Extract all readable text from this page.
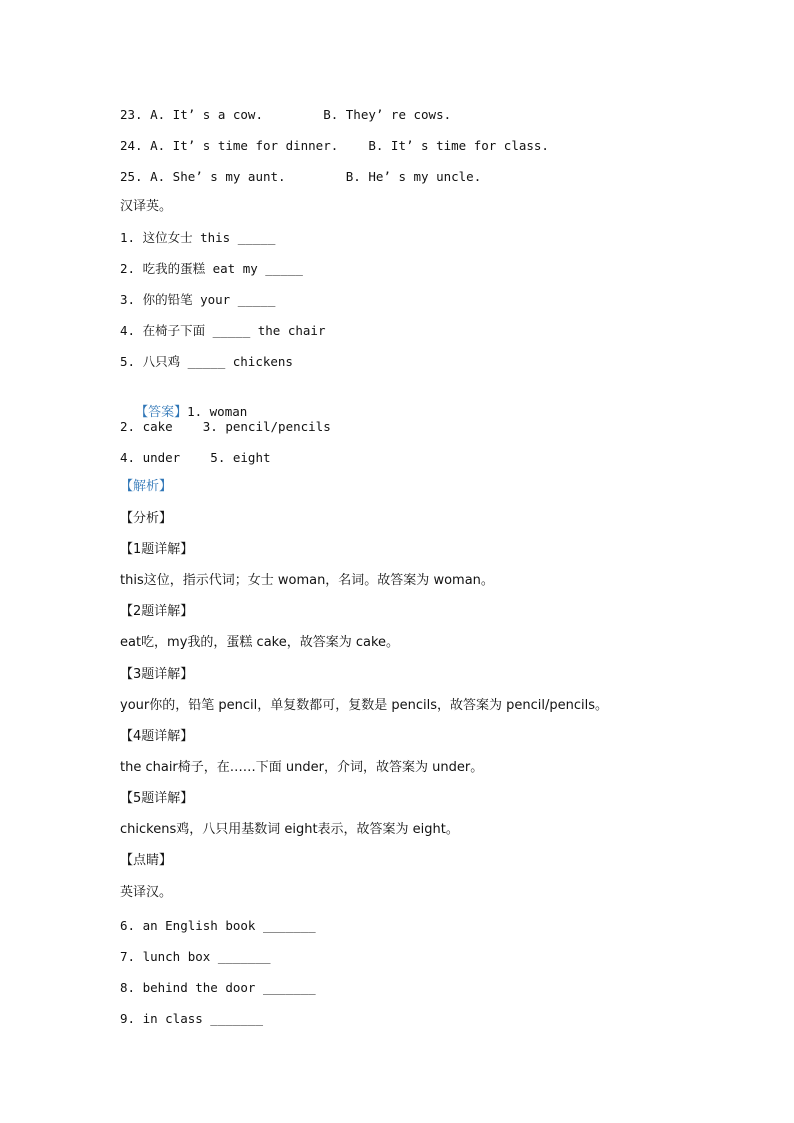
23. A. It’ s a cow.        B. They’ re cows.
24. A. It’ s time for dinner.    B. It’ s time for class.
25. A. She’ s my aunt.        B. He’ s my uncle.
汉译英。
1. 这位女士 this _____
2. 吃我的蛋糕 eat my _____
3. 你的铅笔 your _____
4. 在椅子下面 _____ the chair
5. 八只鸡 _____ chickens

【答案】1. woman

2. cake    3. pencil/pencils
4. under    5. eight
【解析】
【分析】
【1题详解】
this这位，指示代词；女士 woman，名词。故答案为 woman。
【2题详解】
eat吃，my我的，蛋糕 cake，故答案为 cake。
【3题详解】
your你的，铅笔 pencil，单复数都可，复数是 pencils，故答案为 pencil/pencils。
【4题详解】
the chair椅子，在……下面 under，介词，故答案为 under。
【5题详解】
chickens鸡，八只用基数词 eight表示，故答案为 eight。
【点睛】
英译汉。
6. an English book _______
7. lunch box _______
8. behind the door _______
9. in class _______
